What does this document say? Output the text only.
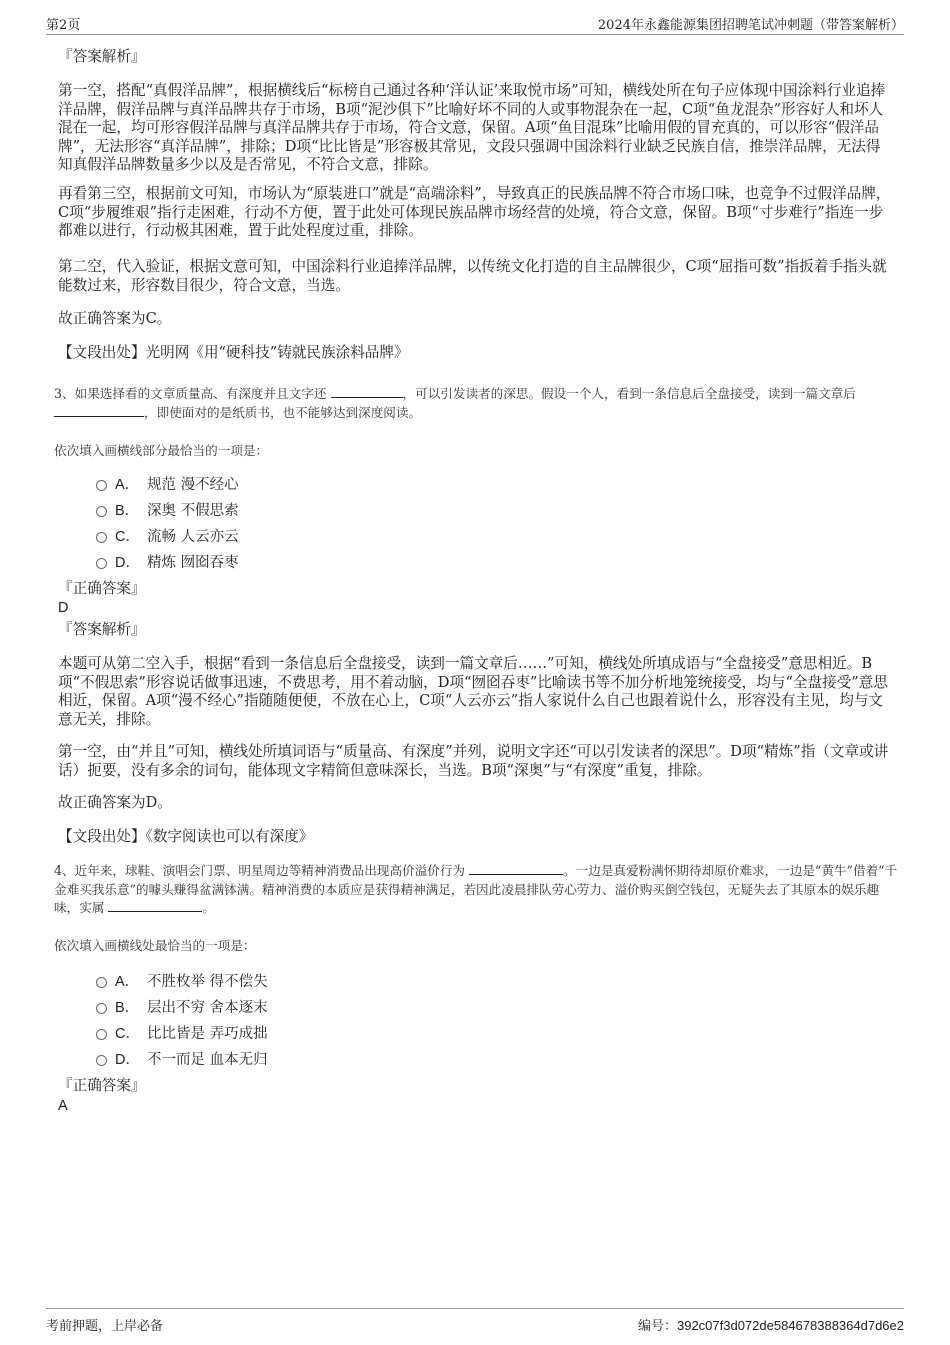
第2页	2024年永鑫能源集团招聘笔试冲刺题（带答案解析）
『答案解析』
第一空，搭配“真假洋品牌”，根据横线后“标榜自己通过各种‘洋认证’来取悦市场”可知，横线处所在句子应体现中国涂料行业追捧洋品牌，假洋品牌与真洋品牌共存于市场，B项“泥沙俱下”比喻好坏不同的人或事物混杂在一起，C项“鱼龙混杂”形容好人和坏人混在一起，均可形容假洋品牌与真洋品牌共存于市场，符合文意，保留。A项“鱼目混珠”比喻用假的冒充真的，可以形容“假洋品牌”，无法形容“真洋品牌”，排除；D项“比比皆是”形容极其常见，文段只强调中国涂料行业缺乏民族自信，推崇洋品牌，无法得知真假洋品牌数量多少以及是否常见，不符合文意，排除。
再看第三空，根据前文可知，市场认为“原装进口”就是“高端涂料”，导致真正的民族品牌不符合市场口味，也竞争不过假洋品牌，C项“步履维艰”指行走困难，行动不方便，置于此处可体现民族品牌市场经营的处境，符合文意，保留。B项“寸步难行”指连一步都难以进行，行动极其困难，置于此处程度过重，排除。
第二空，代入验证，根据文意可知，中国涂料行业追捧洋品牌，以传统文化打造的自主品牌很少，C项“屈指可数”指扳着手指头就能数过来，形容数目很少，符合文意，当选。
故正确答案为C。
【文段出处】光明网《用“硬科技”铸就民族涂料品牌》
3、如果选择看的文章质量高、有深度并且文字还	，可以引发读者的深思。假设一个人，看到一条信息后全盘接受，读到一篇文章后
，即使面对的是纸质书，也不能够达到深度阅读。
依次填入画横线部分最恰当的一项是：
A． 规范 漫不经心
B． 深奥 不假思索
C． 流畅 人云亦云
D． 精炼 囫囵吞枣
『正确答案』
D
『答案解析』
本题可从第二空入手，根据“看到一条信息后全盘接受，读到一篇文章后……”可知，横线处所填成语与“全盘接受”意思相近。B项“不假思索”形容说话做事迅速，不费思考，用不着动脑，D项“囫囵吞枣”比喻读书等不加分析地笼统接受，均与“全盘接受”意思相近，保留。A项“漫不经心”指随随便便，不放在心上，C项“人云亦云”指人家说什么自己也跟着说什么，形容没有主见，均与文意无关，排除。
第一空，由“并且”可知，横线处所填词语与“质量高、有深度”并列，说明文字还“可以引发读者的深思”。D项“精炼”指（文章或讲话）扼要，没有多余的词句，能体现文字精简但意味深长，当选。B项“深奥”与“有深度”重复，排除。
故正确答案为D。
【文段出处】《数字阅读也可以有深度》
4、近年来，球鞋、演唱会门票、明星周边等精神消费品出现高价溢价行为	。一边是真爱粉满怀期待却原价难求，一边是“黄牛”借着“千金难买我乐意”的噱头赚得盆满钵满。精神消费的本质应是获得精神满足，若因此凌晨排队劳心劳力、溢价购买倒空钱包，无疑失去了其原本的娱乐趣味，实属	。
依次填入画横线处最恰当的一项是：
A． 不胜枚举 得不偿失
B． 层出不穷 舍本逐末
C． 比比皆是 弄巧成拙
D． 不一而足 血本无归
『正确答案』
A
考前押题，上岸必备	编号：392c07f3d072de584678388364d7d6e2
